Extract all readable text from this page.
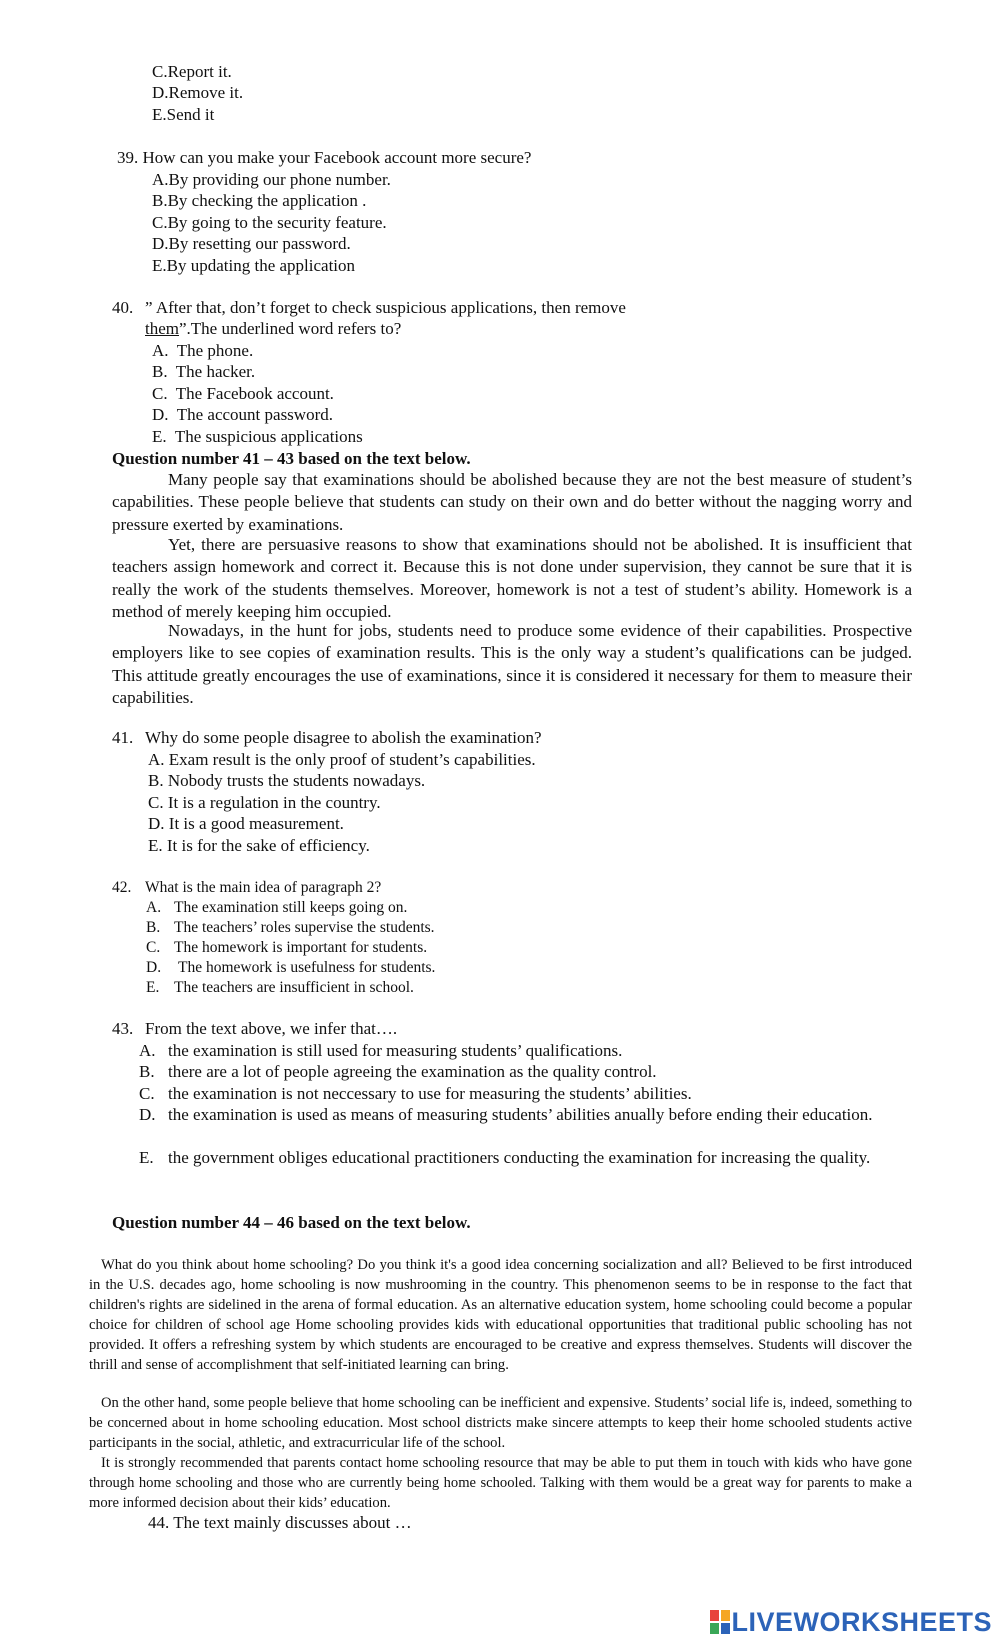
C.Report it.
D.Remove it.
E.Send it
39. How can you make your Facebook account more secure?
A.By providing our phone number.
B.By checking the application .
C.By going to the security feature.
D.By resetting our password.
E.By updating the application
40. ” After that, don’t forget to check suspicious applications, then remove
them”.The underlined word refers to?
A. The phone.
B. The hacker.
C. The Facebook account.
D. The account password.
E. The suspicious applications
Question number 41 – 43 based on the text below.
Many people say that examinations should be abolished because they are not the best measure of student’s capabilities. These people believe that students can study on their own and do better without the nagging worry and pressure exerted by examinations.
Yet, there are persuasive reasons to show that examinations should not be abolished. It is insufficient that teachers assign homework and correct it. Because this is not done under supervision, they cannot be sure that it is really the work of the students themselves. Moreover, homework is not a test of student’s ability. Homework is a method of merely keeping him occupied.
Nowadays, in the hunt for jobs, students need to produce some evidence of their capabilities. Prospective employers like to see copies of examination results. This is the only way a student’s qualifications can be judged. This attitude greatly encourages the use of examinations, since it is considered it necessary for them to measure their capabilities.
41. Why do some people disagree to abolish the examination?
A. Exam result is the only proof of student’s capabilities.
B. Nobody trusts the students nowadays.
C. It is a regulation in the country.
D. It is a good measurement.
E. It is for the sake of efficiency.
42. What is the main idea of paragraph 2?
A. The examination still keeps going on.
B. The teachers’ roles supervise the students.
C. The homework is important for students.
D. The homework is usefulness for students.
E. The teachers are insufficient in school.
43. From the text above, we infer that….
A. the examination is still used for measuring students’ qualifications.
B. there are a lot of people agreeing the examination as the quality control.
C. the examination is not neccessary to use for measuring the students’ abilities.
D. the examination is used as means of measuring students’ abilities anually before ending their education.
E. the government obliges educational practitioners conducting the examination for increasing the quality.
Question number 44 – 46 based on the text below.
What do you think about home schooling? Do you think it's a good idea concerning socialization and all? Believed to be first introduced in the U.S. decades ago, home schooling is now mushrooming in the country. This phenomenon seems to be in response to the fact that children's rights are sidelined in the arena of formal education. As an alternative education system, home schooling could become a popular choice for children of school age Home schooling provides kids with educational opportunities that traditional public schooling has not provided. It offers a refreshing system by which students are encouraged to be creative and express themselves. Students will discover the thrill and sense of accomplishment that self-initiated learning can bring.
On the other hand, some people believe that home schooling can be inefficient and expensive. Students’ social life is, indeed, something to be concerned about in home schooling education. Most school districts make sincere attempts to keep their home schooled students active participants in the social, athletic, and extracurricular life of the school.
It is strongly recommended that parents contact home schooling resource that may be able to put them in touch with kids who have gone through home schooling and those who are currently being home schooled. Talking with them would be a great way for parents to make a more informed decision about their kids’ education.
44. The text mainly discusses about …
LIVEWORKSHEETS
